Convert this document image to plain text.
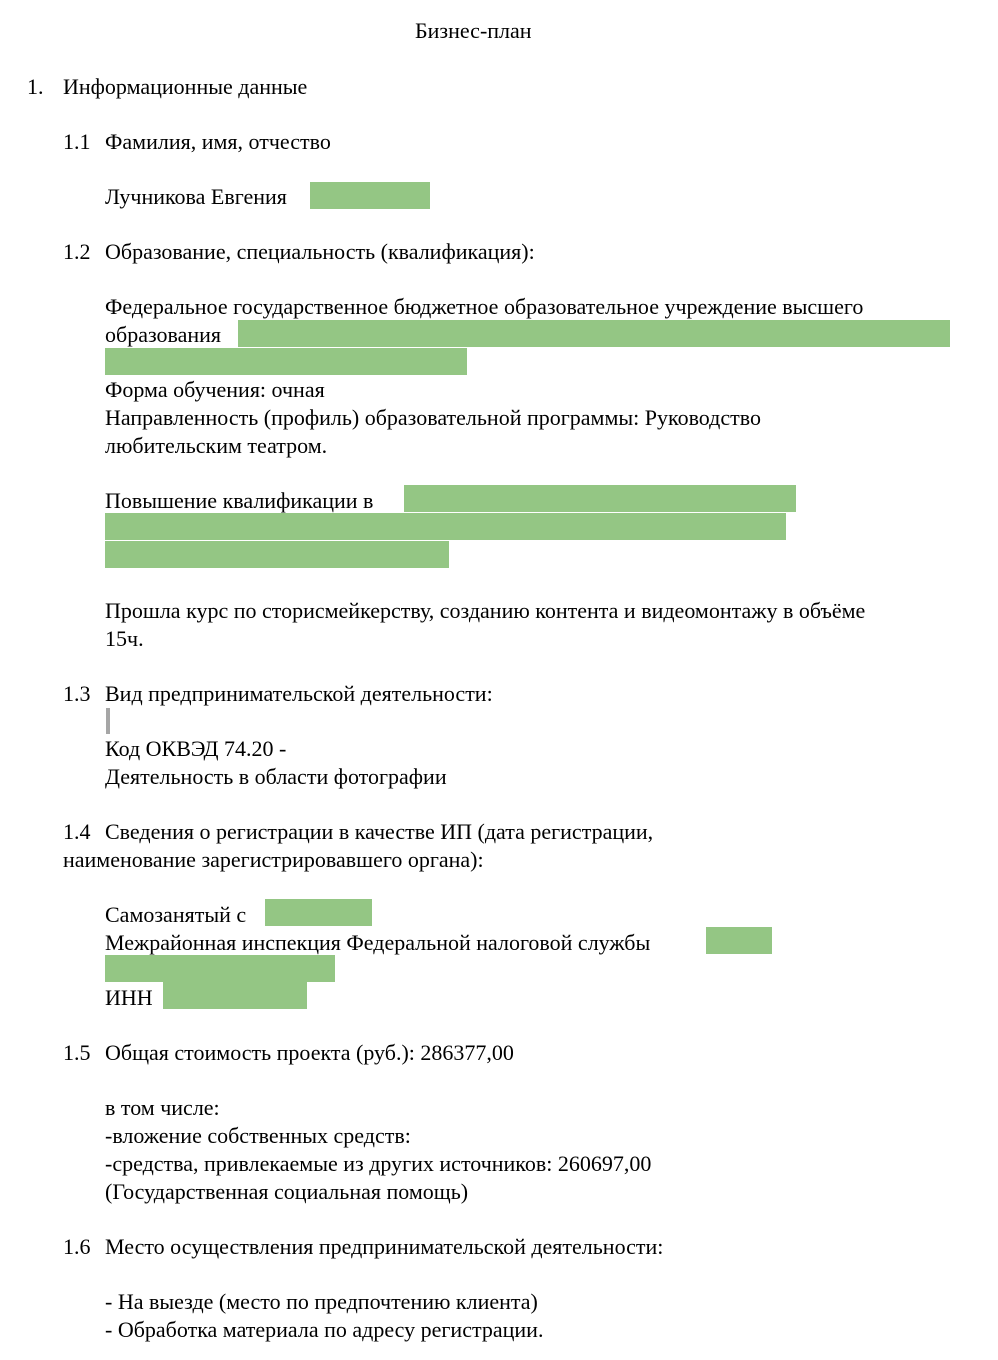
Бизнес-план
1. Информационные данные
1.1 Фамилия, имя, отчество
Лучникова Евгения
1.2 Образование, специальность (квалификация):
Федеральное государственное бюджетное образовательное учреждение высшего
образования
Форма обучения: очная
Направленность (профиль) образовательной программы: Руководство
любительским театром.
Повышение квалификации в
Прошла курс по сторисмейкерству, созданию контента и видеомонтажу в объёме
15ч.
1.3 Вид предпринимательской деятельности:
Код ОКВЭД 74.20 -
Деятельность в области фотографии
1.4 Сведения о регистрации в качестве ИП (дата регистрации,
наименование зарегистрировавшего органа):
Самозанятый с
Межрайонная инспекция Федеральной налоговой службы
ИНН
1.5 Общая стоимость проекта (руб.): 286377,00
в том числе:
-вложение собственных средств:
-средства, привлекаемые из других источников: 260697,00
(Государственная социальная помощь)
1.6 Место осуществления предпринимательской деятельности:
- На выезде (место по предпочтению клиента)
- Обработка материала по адресу регистрации.
